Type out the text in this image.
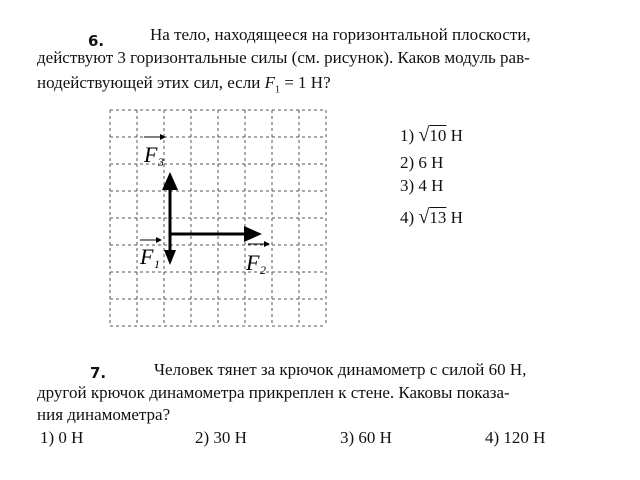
6.	На тело, находящееся на горизонтальной плоскости,
действуют 3 горизонтальные силы (см. рисунок). Каков модуль рав-
нодействующей этих сил, если $F_1 = 1$ Н?
F 3
F 1	F 2
1) √10 Н
2) 6 Н
3) 4 Н
4) √13 Н
7.	Человек тянет за крючок динамометр с силой 60 Н,
другой крючок динамометра прикреплен к стене. Каковы показа-
ния динамометра?
1) 0 Н	2) 30 Н	3) 60 Н	4) 120 Н
